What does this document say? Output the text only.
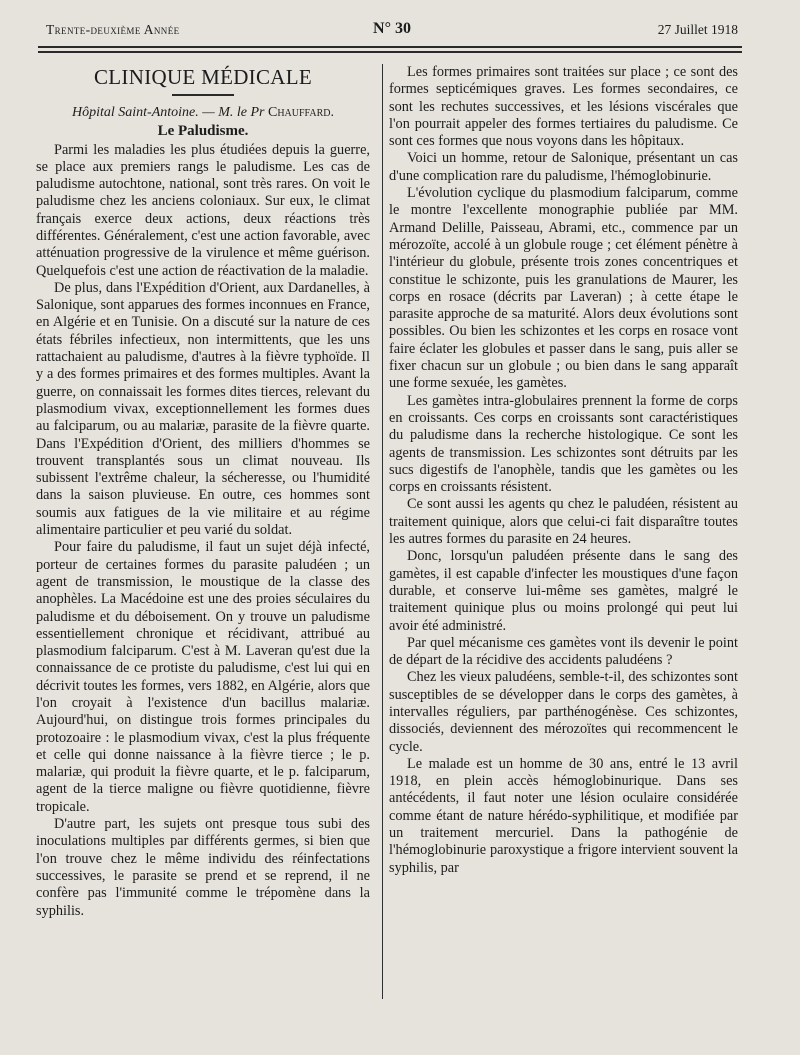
Trente-deuxième Année	N° 30	27 Juillet 1918
CLINIQUE MÉDICALE
Hôpital Saint-Antoine. — M. le Pr Chauffard.
Le Paludisme.

Parmi les maladies les plus étudiées depuis la guerre, se place aux premiers rangs le paludisme. Les cas de paludisme autochtone, national, sont très rares. On voit le paludisme chez les anciens coloniaux. Sur eux, le climat français exerce deux actions, deux réactions très différentes. Généralement, c'est une action favorable, avec atténuation progressive de la virulence et même guérison. Quelquefois c'est une action de réactivation de la maladie.

De plus, dans l'Expédition d'Orient, aux Dardanelles, à Salonique, sont apparues des formes inconnues en France, en Algérie et en Tunisie. On a discuté sur la nature de ces états fébriles infectieux, non intermittents, que les uns rattachaient au paludisme, d'autres à la fièvre typhoïde. Il y a des formes primaires et des formes multiples. Avant la guerre, on connaissait les formes dites tierces, relevant du plasmodium vivax, exceptionnellement les formes dues au falciparum, ou au malariæ, parasite de la fièvre quarte. Dans l'Expédition d'Orient, des milliers d'hommes se trouvent transplantés sous un climat nouveau. Ils subissent l'extrême chaleur, la sécheresse, ou l'humidité dans la saison pluvieuse. En outre, ces hommes sont soumis aux fatigues de la vie militaire et au régime alimentaire particulier et peu varié du soldat.

Pour faire du paludisme, il faut un sujet déjà infecté, porteur de certaines formes du parasite paludéen ; un agent de transmission, le moustique de la classe des anophèles. La Macédoine est une des proies séculaires du paludisme et du déboisement. On y trouve un paludisme essentiellement chronique et récidivant, attribué au plasmodium falciparum. C'est à M. Laveran qu'est due la connaissance de ce protiste du paludisme, c'est lui qui en décrivit toutes les formes, vers 1882, en Algérie, alors que l'on croyait à l'existence d'un bacillus malariæ. Aujourd'hui, on distingue trois formes principales du protozoaire : le plasmodium vivax, c'est la plus fréquente et celle qui donne naissance à la fièvre tierce ; le p. malariæ, qui produit la fièvre quarte, et le p. falciparum, agent de la tierce maligne ou fièvre quotidienne, fièvre tropicale.

D'autre part, les sujets ont presque tous subi des inoculations multiples par différents germes, si bien que l'on trouve chez le même individu des réinfectations successives, le parasite se prend et se reprend, il ne confère pas l'immunité comme le trépomène dans la syphilis.

Les formes primaires sont traitées sur place ; ce sont des formes septicémiques graves. Les formes secondaires, ce sont les rechutes successives, et les lésions viscérales que l'on pourrait appeler des formes tertiaires du paludisme. Ce sont ces formes que nous voyons dans les hôpitaux.

Voici un homme, retour de Salonique, présentant un cas d'une complication rare du paludisme, l'hémoglobinurie.

L'évolution cyclique du plasmodium falciparum, comme le montre l'excellente monographie publiée par MM. Armand Delille, Paisseau, Abrami, etc., commence par un mérozoïte, accolé à un globule rouge ; cet élément pénètre à l'intérieur du globule, présente trois zones concentriques et constitue le schizonte, puis les granulations de Maurer, les corps en rosace (décrits par Laveran) ; à cette étape le parasite approche de sa maturité. Alors deux évolutions sont possibles. Ou bien les schizontes et les corps en rosace vont faire éclater les globules et passer dans le sang, puis aller se fixer chacun sur un globule ; ou bien dans le sang apparaît une forme sexuée, les gamètes.

Les gamètes intra-globulaires prennent la forme de corps en croissants. Ces corps en croissants sont caractéristiques du paludisme dans la recherche histologique. Ce sont les agents de transmission. Les schizontes sont détruits par les sucs digestifs de l'anophèle, tandis que les gamètes ou les corps en croissants résistent.

Ce sont aussi les agents qu chez le paludéen, résistent au traitement quinique, alors que celui-ci fait disparaître toutes les autres formes du parasite en 24 heures.

Donc, lorsqu'un paludéen présente dans le sang des gamètes, il est capable d'infecter les moustiques d'une façon durable, et conserve lui-même ses gamètes, malgré le traitement quinique plus ou moins prolongé qui peut lui avoir été administré.

Par quel mécanisme ces gamètes vont ils devenir le point de départ de la récidive des accidents paludéens ?

Chez les vieux paludéens, semble-t-il, des schizontes sont susceptibles de se développer dans le corps des gamètes, à intervalles réguliers, par parthénogénèse. Ces schizontes, dissociés, deviennent des mérozoïtes qui recommencent le cycle.

Le malade est un homme de 30 ans, entré le 13 avril 1918, en plein accès hémoglobinurique. Dans ses antécédents, il faut noter une lésion oculaire considérée comme étant de nature hérédo-syphilitique, et modifiée par un traitement mercuriel. Dans la pathogénie de l'hémoglobinurie paroxystique a frigore intervient souvent la syphilis, par
